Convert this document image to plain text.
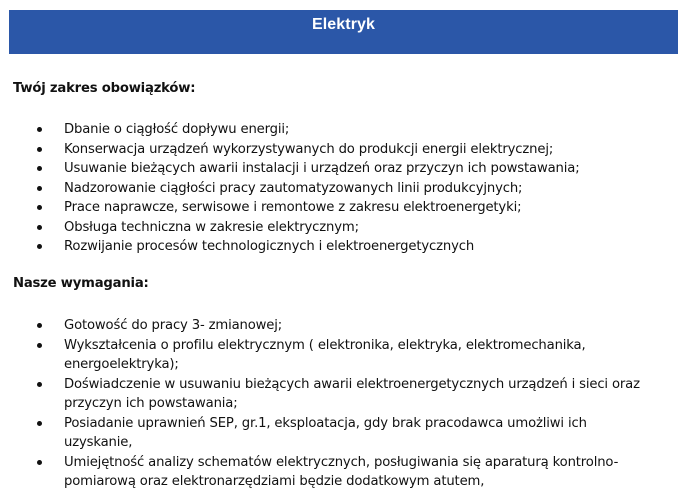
Elektryk
Twój zakres obowiązków:
Dbanie o ciągłość dopływu energii;
Konserwacja urządzeń wykorzystywanych do produkcji energii elektrycznej;
Usuwanie bieżących awarii instalacji i urządzeń oraz przyczyn ich powstawania;
Nadzorowanie ciągłości pracy zautomatyzowanych linii produkcyjnych;
Prace naprawcze, serwisowe i remontowe z zakresu elektroenergetyki;
Obsługa techniczna w zakresie elektrycznym;
Rozwijanie procesów technologicznych i elektroenergetycznych
Nasze wymagania:
Gotowość do pracy 3- zmianowej;
Wykształcenia o profilu elektrycznym ( elektronika, elektryka, elektromechanika, energoelektryka);
Doświadczenie w usuwaniu bieżących awarii elektroenergetycznych urządzeń i sieci oraz przyczyn ich powstawania;
Posiadanie uprawnień SEP, gr.1, eksploatacja, gdy brak pracodawca umożliwi ich uzyskanie,
Umiejętność analizy schematów elektrycznych, posługiwania się aparaturą kontrolno-pomiarową oraz elektronarzędziami będzie dodatkowym atutem,
